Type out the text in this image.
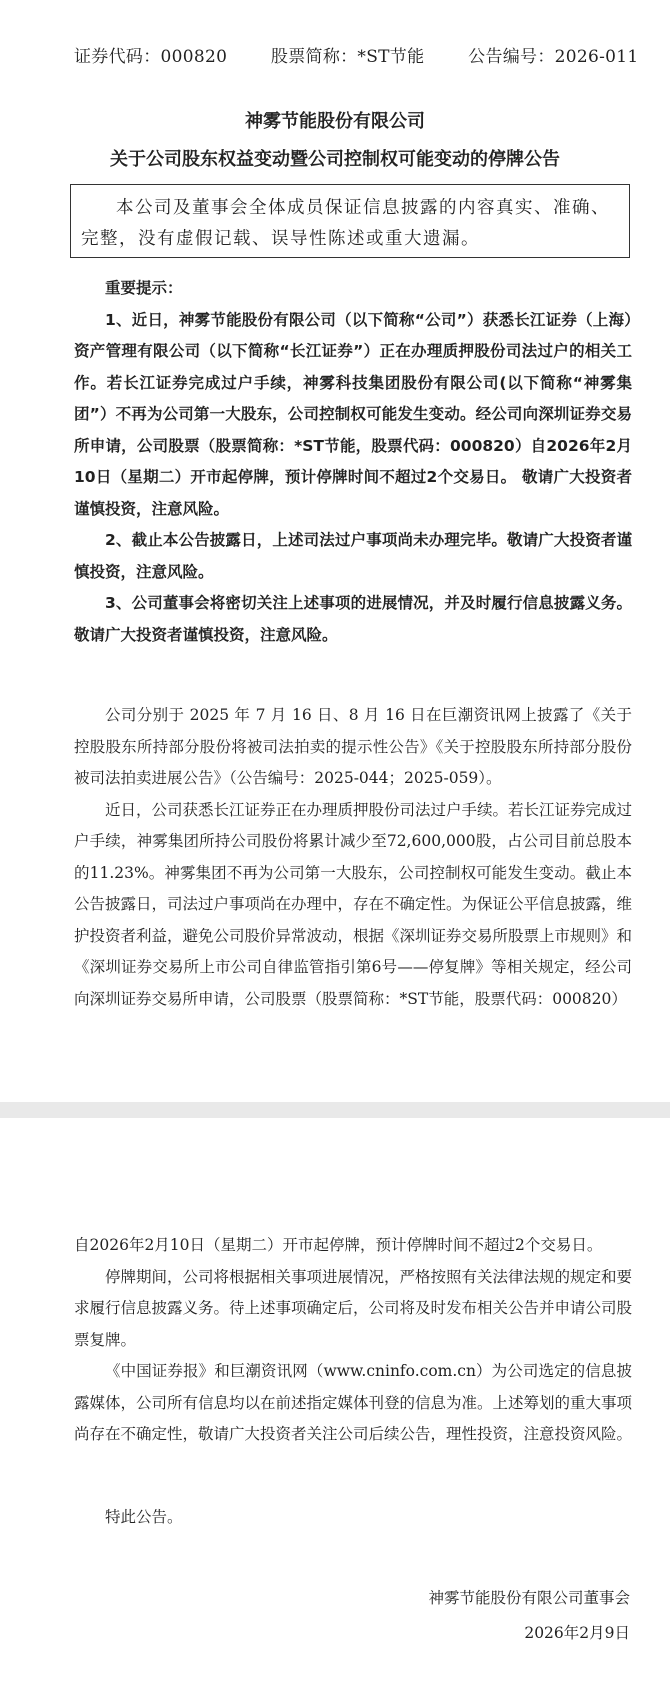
证券代码：000820	股票简称：*ST节能	公告编号：2026-011
神雾节能股份有限公司
关于公司股东权益变动暨公司控制权可能变动的停牌公告
本公司及董事会全体成员保证信息披露的内容真实、准确、完整，没有虚假记载、误导性陈述或重大遗漏。

重要提示：

1、近日，神雾节能股份有限公司（以下简称“公司”）获悉长江证券（上海）资产管理有限公司（以下简称“长江证券”）正在办理质押股份司法过户的相关工作。若长江证券完成过户手续，神雾科技集团股份有限公司(以下简称“神雾集团”）不再为公司第一大股东，公司控制权可能发生变动。经公司向深圳证券交易所申请，公司股票（股票简称：*ST节能，股票代码：000820）自2026年2月10日（星期二）开市起停牌，预计停牌时间不超过2个交易日。 敬请广大投资者谨慎投资，注意风险。

2、截止本公告披露日，上述司法过户事项尚未办理完毕。敬请广大投资者谨慎投资，注意风险。

3、公司董事会将密切关注上述事项的进展情况，并及时履行信息披露义务。敬请广大投资者谨慎投资，注意风险。

公司分别于 2025 年 7 月 16 日、8 月 16 日在巨潮资讯网上披露了《关于控股股东所持部分股份将被司法拍卖的提示性公告》《关于控股股东所持部分股份被司法拍卖进展公告》（公告编号：2025-044；2025-059）。

近日，公司获悉长江证券正在办理质押股份司法过户手续。若长江证券完成过户手续，神雾集团所持公司股份将累计减少至72,600,000股，占公司目前总股本的11.23%。神雾集团不再为公司第一大股东，公司控制权可能发生变动。截止本公告披露日，司法过户事项尚在办理中，存在不确定性。为保证公平信息披露，维护投资者利益，避免公司股价异常波动，根据《深圳证券交易所股票上市规则》和《深圳证券交易所上市公司自律监管指引第6号——停复牌》等相关规定，经公司向深圳证券交易所申请，公司股票（股票简称：*ST节能，股票代码：000820）

自2026年2月10日（星期二）开市起停牌，预计停牌时间不超过2个交易日。

停牌期间，公司将根据相关事项进展情况，严格按照有关法律法规的规定和要求履行信息披露义务。待上述事项确定后，公司将及时发布相关公告并申请公司股票复牌。

《中国证券报》和巨潮资讯网（www.cninfo.com.cn）为公司选定的信息披露媒体，公司所有信息均以在前述指定媒体刊登的信息为准。上述筹划的重大事项尚存在不确定性，敬请广大投资者关注公司后续公告，理性投资，注意投资风险。

特此公告。

神雾节能股份有限公司董事会
2026年2月9日
